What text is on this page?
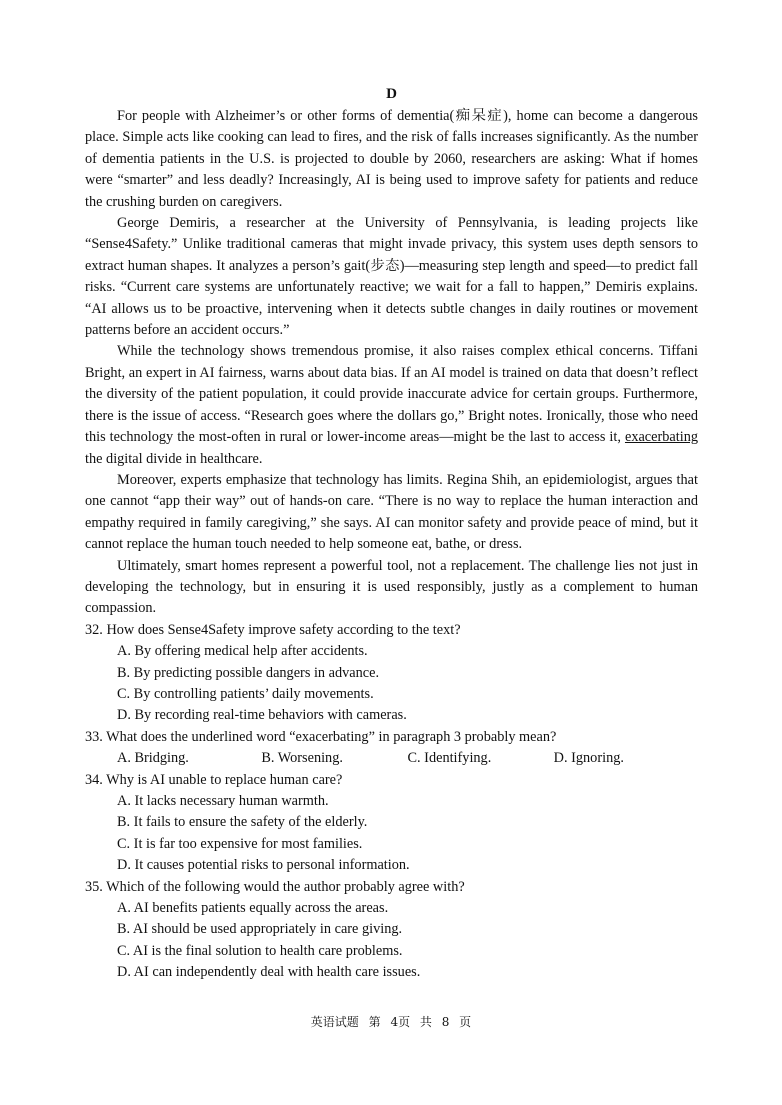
D

For people with Alzheimer’s or other forms of dementia(痴呆症), home can become a dangerous place. Simple acts like cooking can lead to fires, and the risk of falls increases significantly. As the number of dementia patients in the U.S. is projected to double by 2060, researchers are asking: What if homes were “smarter” and less deadly? Increasingly, AI is being used to improve safety for patients and reduce the crushing burden on caregivers.

George Demiris, a researcher at the University of Pennsylvania, is leading projects like “Sense4Safety.” Unlike traditional cameras that might invade privacy, this system uses depth sensors to extract human shapes. It analyzes a person’s gait(步态)—measuring step length and speed—to predict fall risks. “Current care systems are unfortunately reactive; we wait for a fall to happen,” Demiris explains. “AI allows us to be proactive, intervening when it detects subtle changes in daily routines or movement patterns before an accident occurs.”

While the technology shows tremendous promise, it also raises complex ethical concerns. Tiffani Bright, an expert in AI fairness, warns about data bias. If an AI model is trained on data that doesn’t reflect the diversity of the patient population, it could provide inaccurate advice for certain groups. Furthermore, there is the issue of access. “Research goes where the dollars go,” Bright notes. Ironically, those who need this technology the most-often in rural or lower-income areas—might be the last to access it, exacerbating the digital divide in healthcare.

Moreover, experts emphasize that technology has limits. Regina Shih, an epidemiologist, argues that one cannot “app their way” out of hands-on care. “There is no way to replace the human interaction and empathy required in family caregiving,” she says. AI can monitor safety and provide peace of mind, but it cannot replace the human touch needed to help someone eat, bathe, or dress.

Ultimately, smart homes represent a powerful tool, not a replacement. The challenge lies not just in developing the technology, but in ensuring it is used responsibly, justly as a complement to human compassion.

32. How does Sense4Safety improve safety according to the text?

A. By offering medical help after accidents.

B. By predicting possible dangers in advance.

C. By controlling patients’ daily movements.

D. By recording real-time behaviors with cameras.

33. What does the underlined word “exacerbating” in paragraph 3 probably mean?

A. Bridging.	B. Worsening.	C. Identifying.	D. Ignoring.

34. Why is AI unable to replace human care?

A. It lacks necessary human warmth.

B. It fails to ensure the safety of the elderly.

C. It is far too expensive for most families.

D. It causes potential risks to personal information.

35. Which of the following would the author probably agree with?

A. AI benefits patients equally across the areas.

B. AI should be used appropriately in care giving.

C. AI is the final solution to health care problems.

D. AI can independently deal with health care issues.

英语试题 第 4页 共 8 页
